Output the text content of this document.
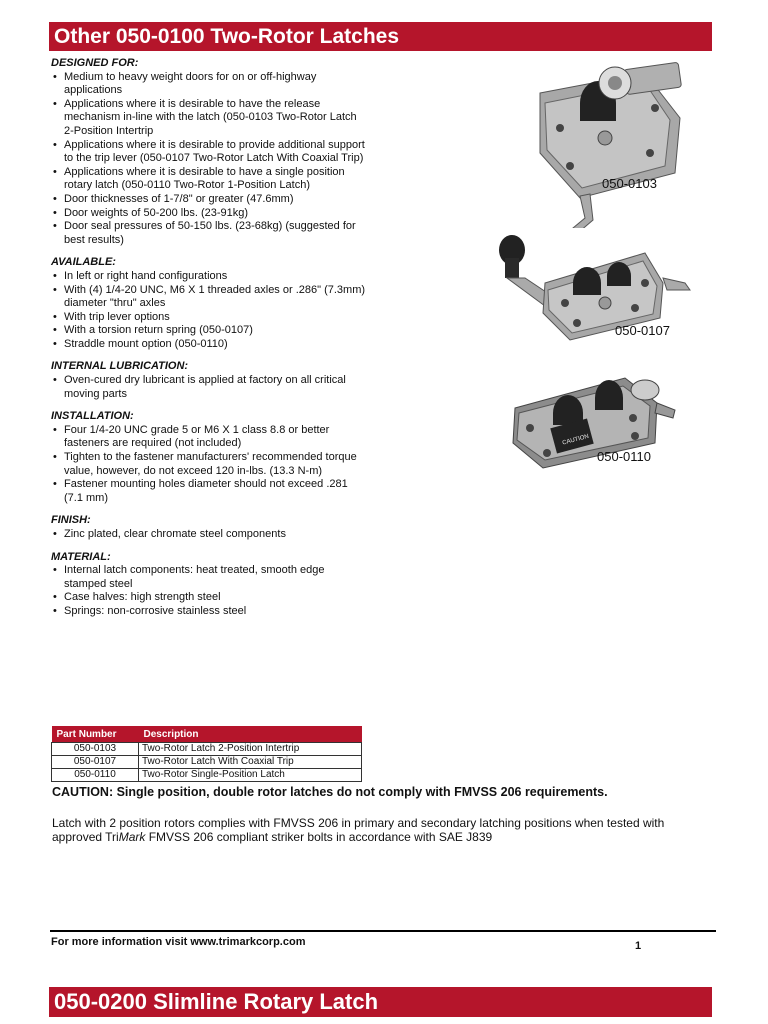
Other 050-0100 Two-Rotor Latches

DESIGNED FOR:

• Medium to heavy weight doors for on or off-highway applications
• Applications where it is desirable to have the release mechanism in-line with the latch (050-0103 Two-Rotor Latch 2-Position Intertrip
• Applications where it is desirable to provide additional support to the trip lever (050-0107 Two-Rotor Latch With Coaxial Trip)
• Applications where it is desirable to have a single position rotary latch (050-0110 Two-Rotor 1-Position Latch)
• Door thicknesses of 1-7/8" or greater (47.6mm)
• Door weights of 50-200 lbs. (23-91kg)
• Door seal pressures of 50-150 lbs. (23-68kg) (suggested for best results)

AVAILABLE:

• In left or right hand configurations
• With (4) 1/4-20 UNC, M6 X 1 threaded axles or .286" (7.3mm) diameter "thru" axles
• With trip lever options
• With a torsion return spring (050-0107)
• Straddle mount option (050-0110)

INTERNAL LUBRICATION:

• Oven-cured dry lubricant is applied at factory on all critical moving parts

INSTALLATION:

• Four 1/4-20 UNC grade 5 or M6 X 1 class 8.8 or better fasteners are required (not included)
• Tighten to the fastener manufacturers' recommended torque value, however, do not exceed 120 in-lbs. (13.3 N-m)
• Fastener mounting holes diameter should not exceed .281 (7.1 mm)

FINISH:

• Zinc plated, clear chromate steel components

MATERIAL:

• Internal latch components: heat treated, smooth edge stamped steel
• Case halves: high strength steel
• Springs: non-corrosive stainless steel
050-0103
050-0107
CAUTION
050-0110
Part Number	Description
050-0103	Two-Rotor Latch 2-Position Intertrip
050-0107	Two-Rotor Latch With Coaxial Trip
050-0110	Two-Rotor Single-Position Latch
CAUTION: Single position, double rotor latches do not comply with FMVSS 206 requirements.
Latch with 2 position rotors complies with FMVSS 206 in primary and secondary latching positions when tested with approved TriMark FMVSS 206 compliant striker bolts in accordance with SAE J839
For more information visit www.trimarkcorp.com	1
050-0200 Slimline Rotary Latch
